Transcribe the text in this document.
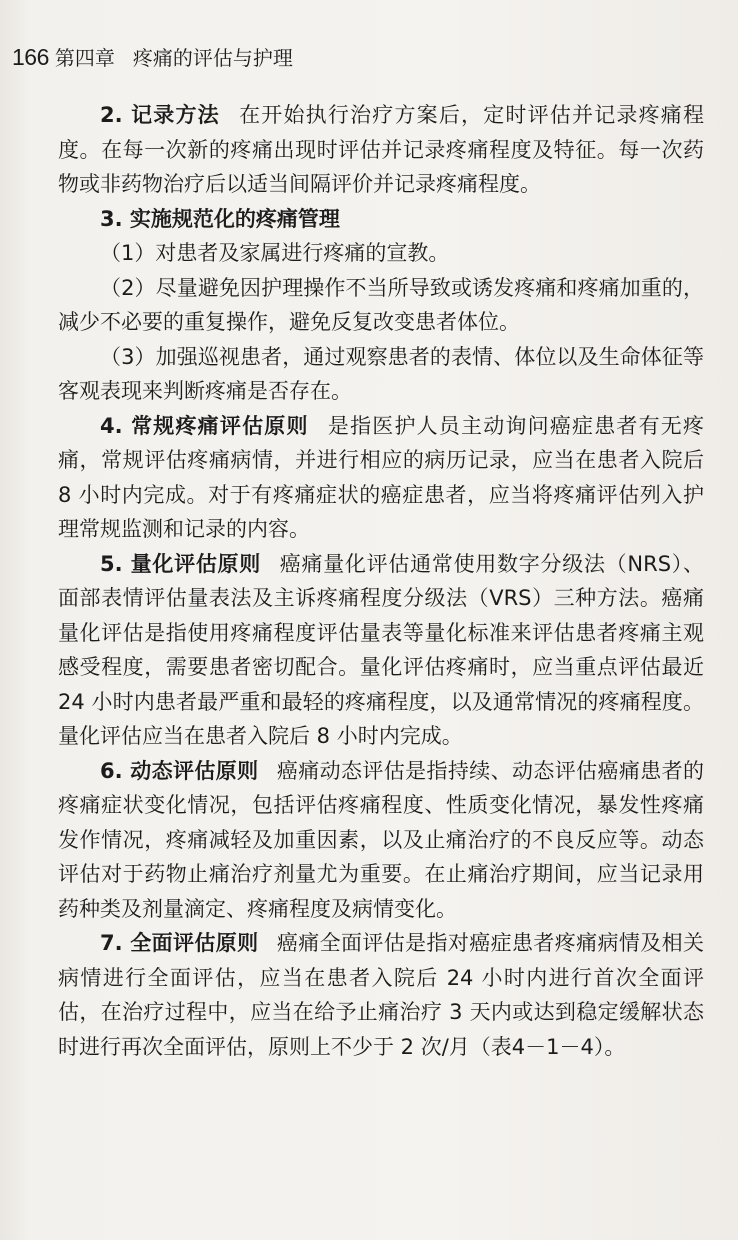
166 第四章 疼痛的评估与护理

2. 记录方法 在开始执行治疗方案后，定时评估并记录疼痛程度。在每一次新的疼痛出现时评估并记录疼痛程度及特征。每一次药物或非药物治疗后以适当间隔评价并记录疼痛程度。

3. 实施规范化的疼痛管理

（1）对患者及家属进行疼痛的宣教。

（2）尽量避免因护理操作不当所导致或诱发疼痛和疼痛加重的，减少不必要的重复操作，避免反复改变患者体位。

（3）加强巡视患者，通过观察患者的表情、体位以及生命体征等客观表现来判断疼痛是否存在。

4. 常规疼痛评估原则 是指医护人员主动询问癌症患者有无疼痛，常规评估疼痛病情，并进行相应的病历记录，应当在患者入院后 8 小时内完成。对于有疼痛症状的癌症患者，应当将疼痛评估列入护理常规监测和记录的内容。

5. 量化评估原则 癌痛量化评估通常使用数字分级法（NRS）、面部表情评估量表法及主诉疼痛程度分级法（VRS）三种方法。癌痛量化评估是指使用疼痛程度评估量表等量化标准来评估患者疼痛主观感受程度，需要患者密切配合。量化评估疼痛时，应当重点评估最近 24 小时内患者最严重和最轻的疼痛程度，以及通常情况的疼痛程度。量化评估应当在患者入院后 8 小时内完成。

6. 动态评估原则 癌痛动态评估是指持续、动态评估癌痛患者的疼痛症状变化情况，包括评估疼痛程度、性质变化情况，暴发性疼痛发作情况，疼痛减轻及加重因素，以及止痛治疗的不良反应等。动态评估对于药物止痛治疗剂量尤为重要。在止痛治疗期间，应当记录用药种类及剂量滴定、疼痛程度及病情变化。

7. 全面评估原则 癌痛全面评估是指对癌症患者疼痛病情及相关病情进行全面评估，应当在患者入院后 24 小时内进行首次全面评估，在治疗过程中，应当在给予止痛治疗 3 天内或达到稳定缓解状态时进行再次全面评估，原则上不少于 2 次/月（表4－1－4）。
